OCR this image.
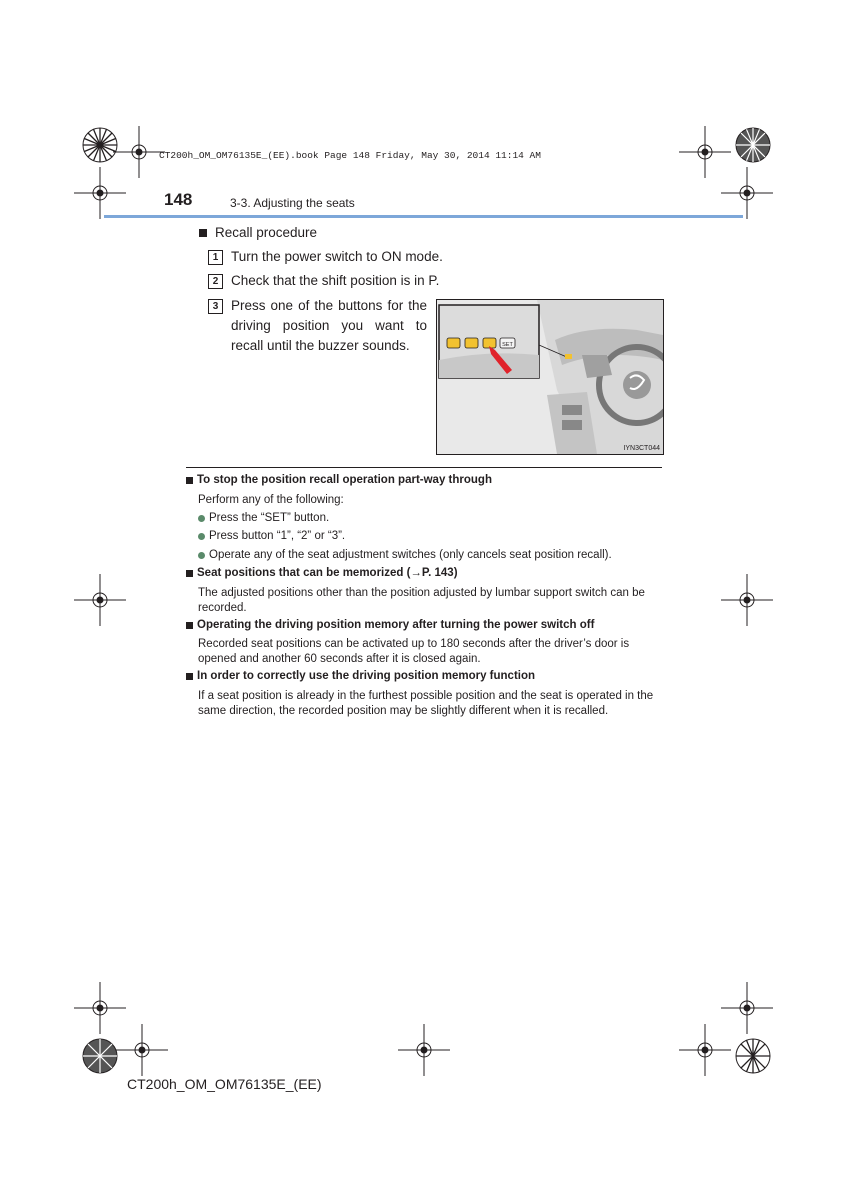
CT200h_OM_OM76135E_(EE).book Page 148 Friday, May 30, 2014 11:14 AM
148	3-3. Adjusting the seats
Recall procedure
1 Turn the power switch to ON mode.
2 Check that the shift position is in P.
3 Press one of the buttons for the driving position you want to recall until the buzzer sounds.	SET
IYN3CT044
To stop the position recall operation part-way through
Perform any of the following:
Press the “SET” button.
Press button “1”, “2” or “3”.
Operate any of the seat adjustment switches (only cancels seat position recall).
Seat positions that can be memorized (→P. 143)
The adjusted positions other than the position adjusted by lumbar support switch can be recorded.
Operating the driving position memory after turning the power switch off
Recorded seat positions can be activated up to 180 seconds after the driver’s door is opened and another 60 seconds after it is closed again.
In order to correctly use the driving position memory function
If a seat position is already in the furthest possible position and the seat is operated in the same direction, the recorded position may be slightly different when it is recalled.
CT200h_OM_OM76135E_(EE)
